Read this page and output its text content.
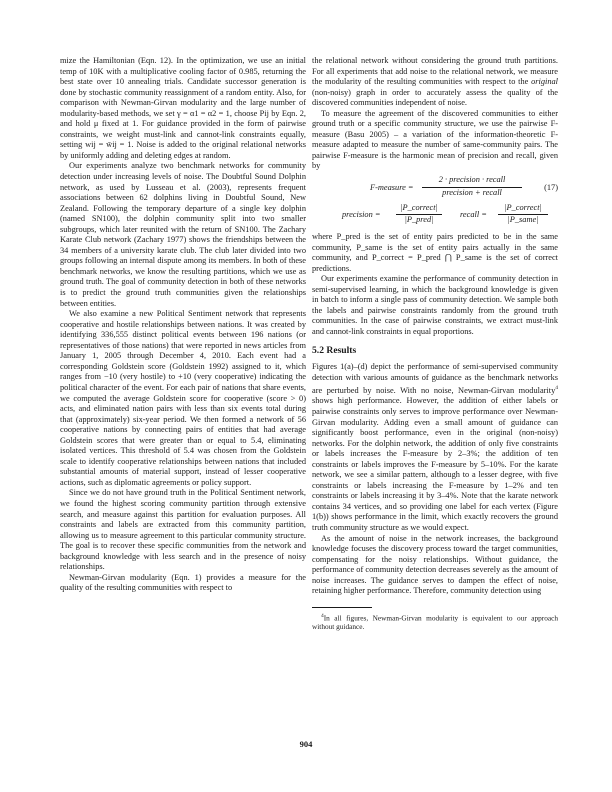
mize the Hamiltonian (Eqn. 12). In the optimization, we use an initial temp of 10K with a multiplicative cooling factor of 0.985, returning the best state over 10 annealing trials. Candidate successor generation is done by stochastic community reassignment of a random entity. Also, for comparison with Newman-Girvan modularity and the large number of modularity-based methods, we set γ = α1 = α2 = 1, choose Pij by Eqn. 2, and hold μ fixed at 1. For guidance provided in the form of pairwise constraints, we weight must-link and cannot-link constraints equally, setting wij = w̄ij = 1. Noise is added to the original relational networks by uniformly adding and deleting edges at random.

Our experiments analyze two benchmark networks for community detection under increasing levels of noise. The Doubtful Sound Dolphin network, as used by Lusseau et al. (2003), represents frequent associations between 62 dolphins living in Doubtful Sound, New Zealand. Following the temporary departure of a single key dolphin (named SN100), the dolphin community split into two smaller subgroups, which later reunited with the return of SN100. The Zachary Karate Club network (Zachary 1977) shows the friendships between the 34 members of a university karate club. The club later divided into two groups following an internal dispute among its members. In both of these benchmark networks, we know the resulting partitions, which we use as ground truth. The goal of community detection in both of these networks is to predict the ground truth communities given the relationships between entities.

We also examine a new Political Sentiment network that represents cooperative and hostile relationships between nations. It was created by identifying 336,555 distinct political events between 196 nations (or representatives of those nations) that were reported in news articles from January 1, 2005 through December 4, 2010. Each event had a corresponding Goldstein score (Goldstein 1992) assigned to it, which ranges from −10 (very hostile) to +10 (very cooperative) indicating the political character of the event. For each pair of nations that share events, we computed the average Goldstein score for cooperative (score > 0) acts, and eliminated nation pairs with less than six events total during that (approximately) six-year period. We then formed a network of 56 cooperative nations by connecting pairs of entities that had average Goldstein scores that were greater than or equal to 5.4, eliminating isolated vertices. This threshold of 5.4 was chosen from the Goldstein scale to identify cooperative relationships between nations that included substantial amounts of material support, instead of lesser cooperative actions, such as diplomatic agreements or policy support.

Since we do not have ground truth in the Political Sentiment network, we found the highest scoring community partition through extensive search, and measure against this partition for evaluation purposes. All constraints and labels are extracted from this community partition, allowing us to measure agreement to this particular community structure. The goal is to recover these specific communities from the network and background knowledge with less search and in the presence of noisy relationships.

Newman-Girvan modularity (Eqn. 1) provides a measure for the quality of the resulting communities with respect to

the relational network without considering the ground truth partitions. For all experiments that add noise to the relational network, we measure the modularity of the resulting communities with respect to the original (non-noisy) graph in order to accurately assess the quality of the discovered communities independent of noise.

To measure the agreement of the discovered communities to either ground truth or a specific community structure, we use the pairwise F-measure (Basu 2005) – a variation of the information-theoretic F-measure adapted to measure the number of same-community pairs. The pairwise F-measure is the harmonic mean of precision and recall, given by

F-measure =
2 · precision · recall
precision + recall
(17)
precision =
|P_correct|
|P_pred|
recall =
|P_correct|
|P_same|

where P_pred is the set of entity pairs predicted to be in the same community, P_same is the set of entity pairs actually in the same community, and P_correct = P_pred ⋂ P_same is the set of correct predictions.

Our experiments examine the performance of community detection in semi-supervised learning, in which the background knowledge is given in batch to inform a single pass of community detection. We sample both the labels and pairwise constraints randomly from the ground truth communities. In the case of pairwise constraints, we extract must-link and cannot-link constraints in equal proportions.

5.2 Results

Figures 1(a)–(d) depict the performance of semi-supervised community detection with various amounts of guidance as the benchmark networks are perturbed by noise. With no noise, Newman-Girvan modularity$^4$ shows high performance. However, the addition of either labels or pairwise constraints only serves to improve performance over Newman-Girvan modularity. Adding even a small amount of guidance can significantly boost performance, even in the original (non-noisy) networks. For the dolphin network, the addition of only five constraints or labels increases the F-measure by 2–3%; the addition of ten constraints or labels improves the F-measure by 5–10%. For the karate network, we see a similar pattern, although to a lesser degree, with five constraints or labels increasing the F-measure by 1–2% and ten constraints or labels increasing it by 3–4%. Note that the karate network contains 34 vertices, and so providing one label for each vertex (Figure 1(b)) shows performance in the limit, which exactly recovers the ground truth community structure as we would expect.

As the amount of noise in the network increases, the background knowledge focuses the discovery process toward the target communities, compensating for the noisy relationships. Without guidance, the performance of community detection decreases severely as the amount of noise increases. The guidance serves to dampen the effect of noise, retaining higher performance. Therefore, community detection using

$^4$In all figures, Newman-Girvan modularity is equivalent to our approach without guidance.

904
